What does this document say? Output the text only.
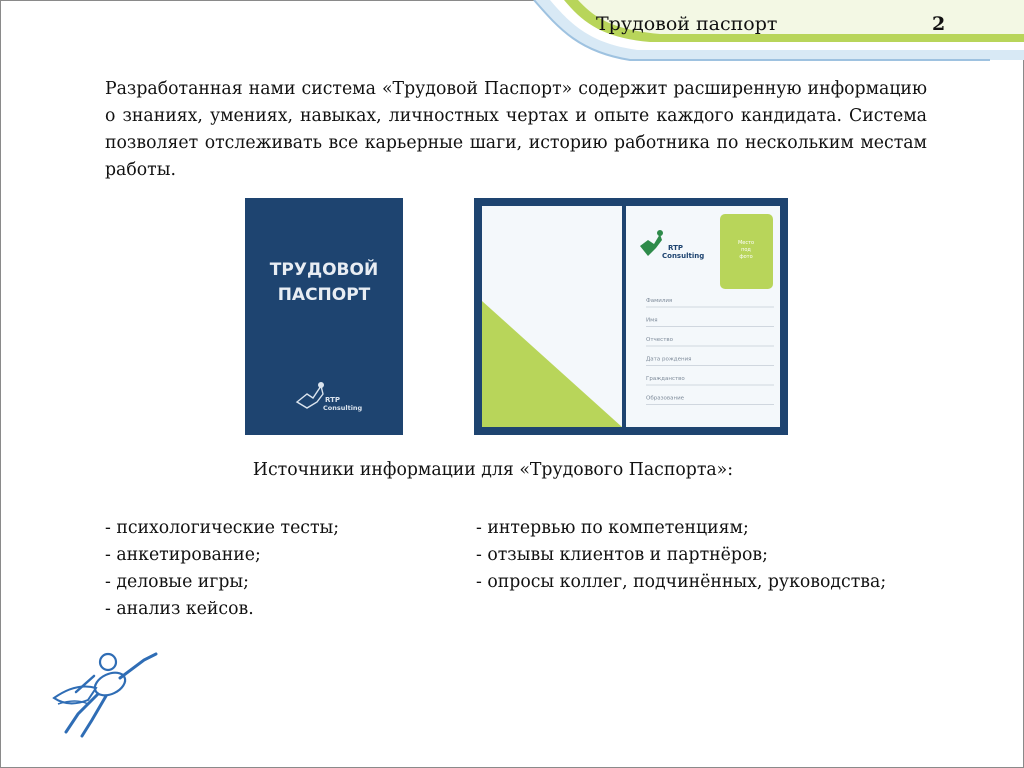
Трудовой паспорт	2
Разработанная нами система «Трудовой Паспорт» содержит расширенную информацию о знаниях, умениях, навыках, личностных чертах и опыте каждого кандидата. Система позволяет отслеживать все карьерные шаги, историю работника по нескольким местам работы.
ТРУДОВОЙ
ПАСПОРТ
RTP
Consulting
RTP
Consulting
Место
под
фото
Фамилия
Имя
Отчество
Дата рождения
Гражданство
Образование
Источники информации для «Трудового Паспорта»:
- психологические тесты;
- анкетирование;
- деловые игры;
- анализ кейсов.
- интервью по компетенциям;
- отзывы клиентов и партнёров;
- опросы коллег, подчинённых, руководства;
